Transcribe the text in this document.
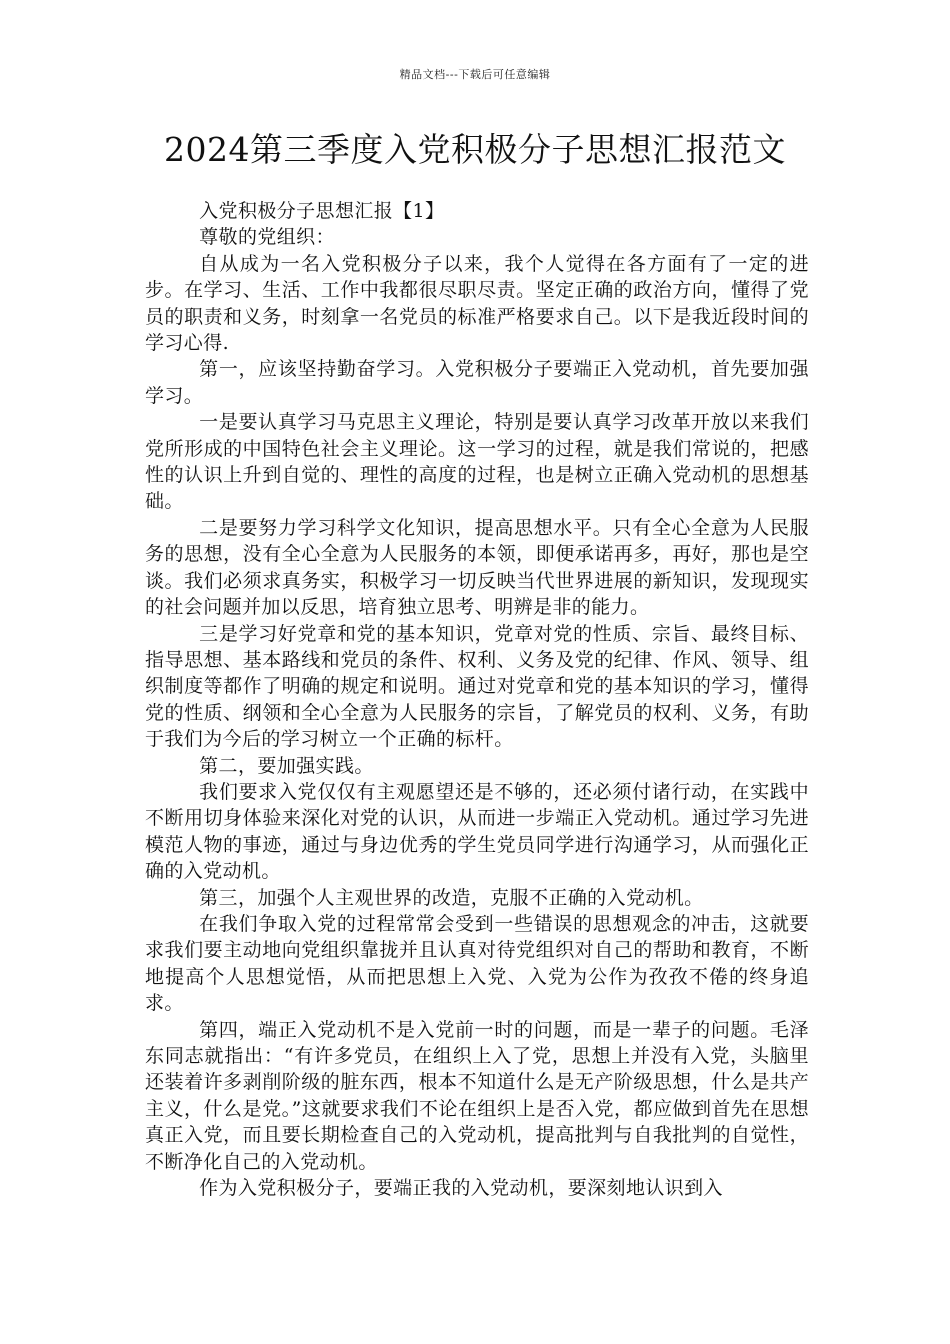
精品文档---下载后可任意编辑
2024第三季度入党积极分子思想汇报范文

入党积极分子思想汇报【1】

尊敬的党组织：

自从成为一名入党积极分子以来，我个人觉得在各方面有了一定的进步。在学习、生活、工作中我都很尽职尽责。坚定正确的政治方向，懂得了党员的职责和义务，时刻拿一名党员的标准严格要求自己。以下是我近段时间的学习心得.

第一，应该坚持勤奋学习。入党积极分子要端正入党动机，首先要加强学习。

一是要认真学习马克思主义理论，特别是要认真学习改革开放以来我们党所形成的中国特色社会主义理论。这一学习的过程，就是我们常说的，把感性的认识上升到自觉的、理性的高度的过程，也是树立正确入党动机的思想基础。

二是要努力学习科学文化知识，提高思想水平。只有全心全意为人民服务的思想，没有全心全意为人民服务的本领，即便承诺再多，再好，那也是空谈。我们必须求真务实，积极学习一切反映当代世界进展的新知识，发现现实的社会问题并加以反思，培育独立思考、明辨是非的能力。

三是学习好党章和党的基本知识，党章对党的性质、宗旨、最终目标、指导思想、基本路线和党员的条件、权利、义务及党的纪律、作风、领导、组织制度等都作了明确的规定和说明。通过对党章和党的基本知识的学习，懂得党的性质、纲领和全心全意为人民服务的宗旨，了解党员的权利、义务，有助于我们为今后的学习树立一个正确的标杆。

第二，要加强实践。

我们要求入党仅仅有主观愿望还是不够的，还必须付诸行动，在实践中不断用切身体验来深化对党的认识，从而进一步端正入党动机。通过学习先进模范人物的事迹，通过与身边优秀的学生党员同学进行沟通学习，从而强化正确的入党动机。

第三，加强个人主观世界的改造，克服不正确的入党动机。

在我们争取入党的过程常常会受到一些错误的思想观念的冲击，这就要求我们要主动地向党组织靠拢并且认真对待党组织对自己的帮助和教育，不断地提高个人思想觉悟，从而把思想上入党、入党为公作为孜孜不倦的终身追求。

第四，端正入党动机不是入党前一时的问题，而是一辈子的问题。毛泽东同志就指出：“有许多党员，在组织上入了党，思想上并没有入党，头脑里还装着许多剥削阶级的脏东西，根本不知道什么是无产阶级思想，什么是共产主义，什么是党。”这就要求我们不论在组织上是否入党，都应做到首先在思想真正入党，而且要长期检查自己的入党动机，提高批判与自我批判的自觉性，不断净化自己的入党动机。

作为入党积极分子，要端正我的入党动机，要深刻地认识到入
